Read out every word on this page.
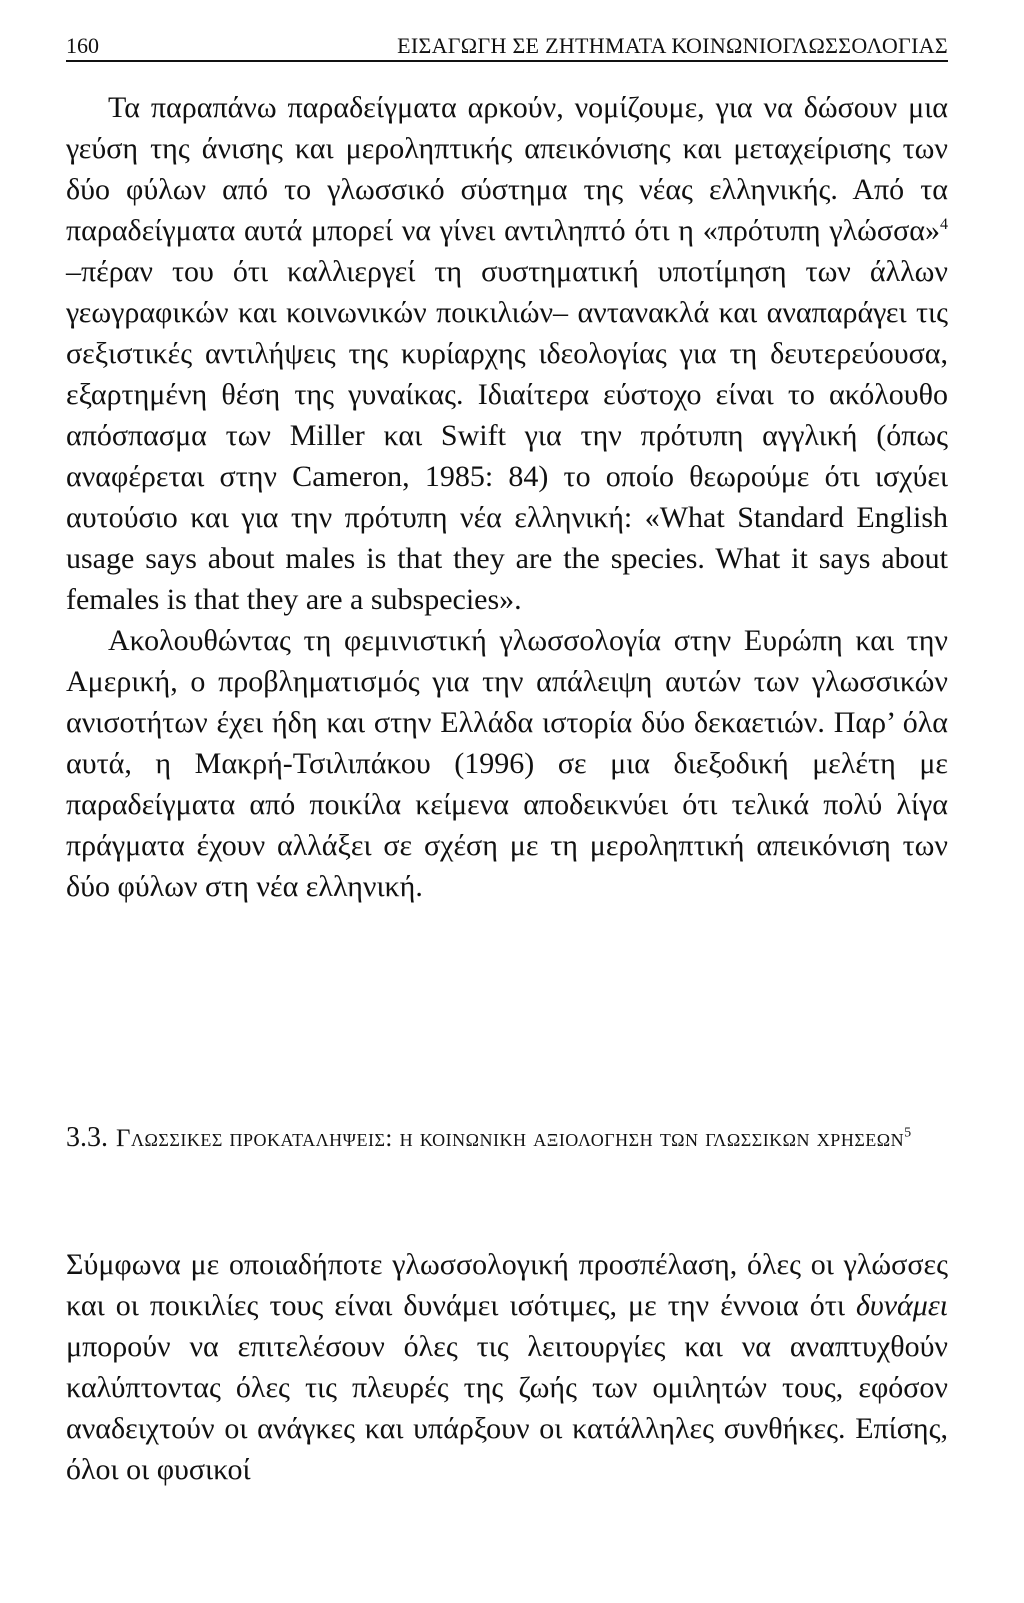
160	ΕΙΣΑΓΩΓΗ ΣΕ ΖΗΤΗΜΑΤΑ ΚΟΙΝΩΝΙΟΓΛΩΣΣΟΛΟΓΙΑΣ

Τα παραπάνω παραδείγματα αρκούν, νομίζουμε, για να δώσουν μια γεύση της άνισης και μεροληπτικής απεικόνισης και μεταχείρισης των δύο φύλων από το γλωσσικό σύστημα της νέας ελληνικής. Από τα παραδείγματα αυτά μπορεί να γίνει αντιληπτό ότι η «πρότυπη γλώσσα»$^4$ –πέραν του ότι καλλιεργεί τη συστηματική υποτίμηση των άλλων γεωγραφικών και κοινωνικών ποικιλιών– αντανακλά και αναπαράγει τις σεξιστικές αντιλήψεις της κυρίαρχης ιδεολογίας για τη δευτερεύουσα, εξαρτημένη θέση της γυναίκας. Ιδιαίτερα εύστοχο είναι το ακόλουθο απόσπασμα των Miller και Swift για την πρότυπη αγγλική (όπως αναφέρεται στην Cameron, 1985: 84) το οποίο θεωρούμε ότι ισχύει αυτούσιο και για την πρότυπη νέα ελληνική: «What Standard English usage says about males is that they are the species. What it says about females is that they are a subspecies».

Ακολουθώντας τη φεμινιστική γλωσσολογία στην Ευρώπη και την Αμερική, ο προβληματισμός για την απάλειψη αυτών των γλωσσικών ανισοτήτων έχει ήδη και στην Ελλάδα ιστορία δύο δεκαετιών. Παρ’ όλα αυτά, η Μακρή-Τσιλιπάκου (1996) σε μια διεξοδική μελέτη με παραδείγματα από ποικίλα κείμενα αποδεικνύει ότι τελικά πολύ λίγα πράγματα έχουν αλλάξει σε σχέση με τη μεροληπτική απεικόνιση των δύο φύλων στη νέα ελληνική.

3.3. Γλωσσικες προκαταληψεις: η κοινωνικη αξιολογηση των γλωσσικων χρησεων$^5$

Σύμφωνα με οποιαδήποτε γλωσσολογική προσπέλαση, όλες οι γλώσσες και οι ποικιλίες τους είναι δυνάμει ισότιμες, με την έννοια ότι δυνάμει μπορούν να επιτελέσουν όλες τις λειτουργίες και να αναπτυχθούν καλύπτοντας όλες τις πλευρές της ζωής των ομιλητών τους, εφόσον αναδειχτούν οι ανάγκες και υπάρξουν οι κατάλληλες συνθήκες. Επίσης, όλοι οι φυσικοί
